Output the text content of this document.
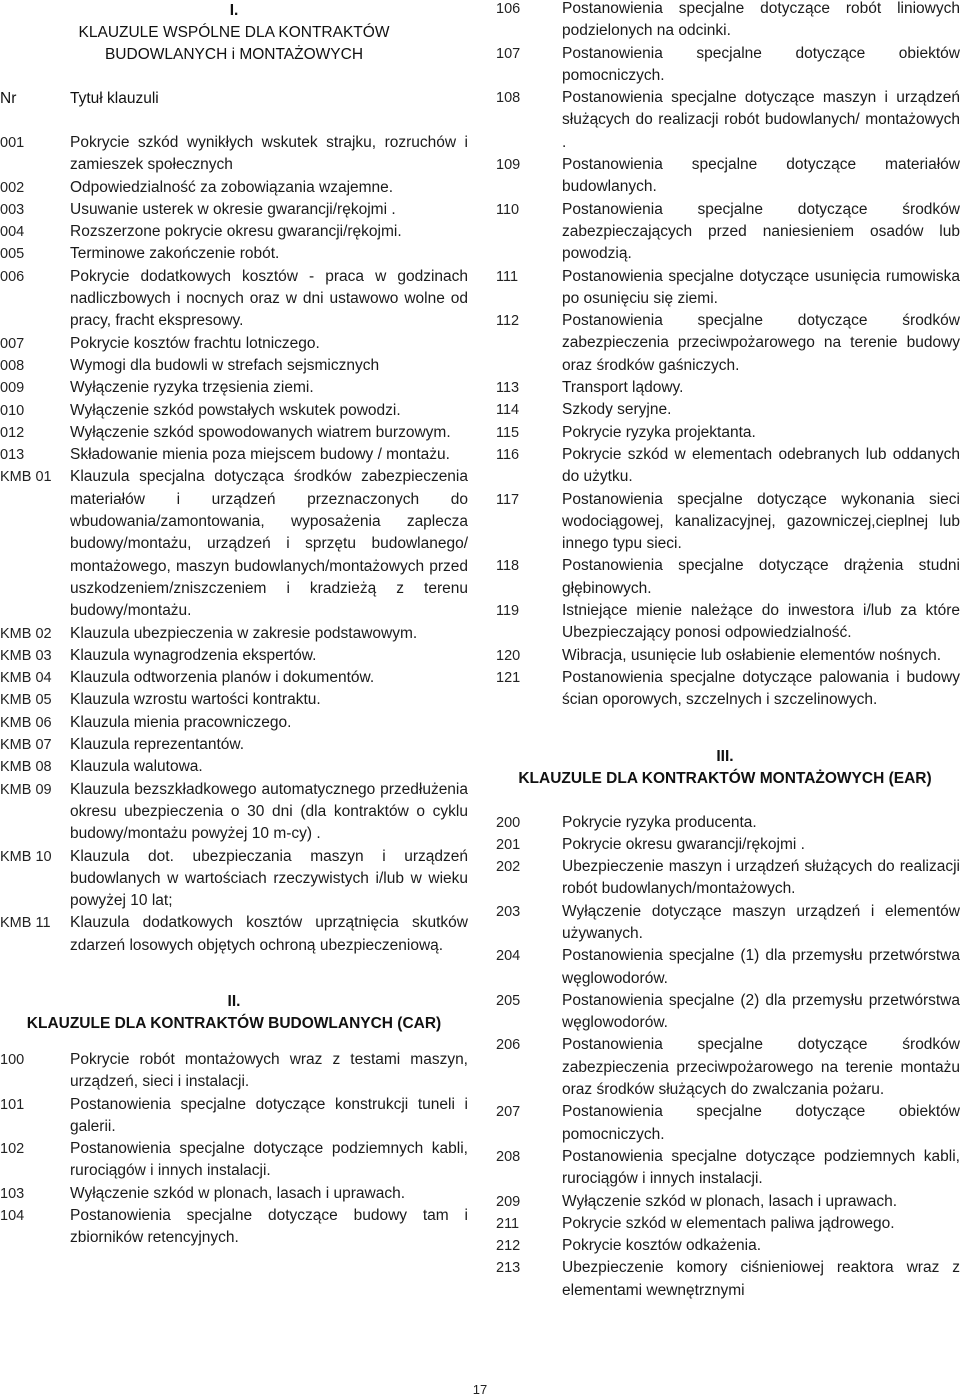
I.
KLAUZULE WSPÓLNE DLA KONTRAKTÓW
BUDOWLANYCH i MONTAŻOWYCH
Nr	Tytuł klauzuli
001	Pokrycie szkód wynikłych wskutek strajku, rozruchów i zamieszek społecznych
002	Odpowiedzialność za zobowiązania wzajemne.
003	Usuwanie usterek w okresie gwarancji/rękojmi .
004	Rozszerzone pokrycie okresu gwarancji/rękojmi.
005	Terminowe zakończenie robót.
006	Pokrycie dodatkowych kosztów - praca w godzinach nadliczbowych i nocnych oraz w dni ustawowo wolne od pracy, fracht ekspresowy.
007	Pokrycie kosztów frachtu lotniczego.
008	Wymogi dla budowli w strefach sejsmicznych
009	Wyłączenie ryzyka trzęsienia ziemi.
010	Wyłączenie szkód powstałych wskutek powodzi.
012	Wyłączenie szkód spowodowanych wiatrem burzowym.
013	Składowanie mienia poza miejscem budowy / montażu.
KMB 01	Klauzula specjalna dotycząca środków zabezpieczenia materiałów i urządzeń przeznaczonych do wbudowania/zamontowania, wyposażenia zaplecza budowy/montażu, urządzeń i sprzętu budowlanego/ montażowego, maszyn budowlanych/montażowych przed uszkodzeniem/zniszczeniem i kradzieżą z terenu budowy/montażu.
KMB 02	Klauzula ubezpieczenia w zakresie podstawowym.
KMB 03	Klauzula wynagrodzenia ekspertów.
KMB 04	Klauzula odtworzenia planów i dokumentów.
KMB 05	Klauzula wzrostu wartości kontraktu.
KMB 06	Klauzula mienia pracowniczego.
KMB 07	Klauzula reprezentantów.
KMB 08	Klauzula walutowa.
KMB 09	Klauzula bezszkładkowego automatycznego przedłużenia okresu ubezpieczenia o 30 dni (dla kontraktów o cyklu budowy/montażu powyżej 10 m-cy) .
KMB 10	Klauzula dot. ubezpieczania maszyn i urządzeń budowlanych w wartościach rzeczywistych i/lub w wieku powyżej 10 lat;
KMB 11	Klauzula dodatkowych kosztów uprzątnięcia skutków zdarzeń losowych objętych ochroną ubezpieczeniową.
II.
KLAUZULE DLA KONTRAKTÓW BUDOWLANYCH (CAR)
100	Pokrycie robót montażowych wraz z testami maszyn, urządzeń, sieci i instalacji.
101	Postanowienia specjalne dotyczące konstrukcji tuneli i galerii.
102	Postanowienia specjalne dotyczące podziemnych kabli, rurociągów i innych instalacji.
103	Wyłączenie szkód w plonach, lasach i uprawach.
104	Postanowienia specjalne dotyczące budowy tam i zbiorników retencyjnych.
106	Postanowienia specjalne dotyczące robót liniowych podzielonych na odcinki.
107	Postanowienia specjalne dotyczące obiektów pomocniczych.
108	Postanowienia specjalne dotyczące maszyn i urządzeń służących do realizacji robót budowlanych/ montażowych .
109	Postanowienia specjalne dotyczące materiałów budowlanych.
110	Postanowienia specjalne dotyczące środków zabezpieczających przed naniesieniem osadów lub powodzią.
111	Postanowienia specjalne dotyczące usunięcia rumowiska po osunięciu się ziemi.
112	Postanowienia specjalne dotyczące środków zabezpieczenia przeciwpożarowego na terenie budowy oraz środków gaśniczych.
113	Transport lądowy.
114	Szkody seryjne.
115	Pokrycie ryzyka projektanta.
116	Pokrycie szkód w elementach odebranych lub oddanych do użytku.
117	Postanowienia specjalne dotyczące wykonania sieci wodociągowej, kanalizacyjnej, gazowniczej,cieplnej lub innego typu sieci.
118	Postanowienia specjalne dotyczące drążenia studni głębinowych.
119	Istniejące mienie należące do inwestora i/lub za które Ubezpieczający ponosi odpowiedzialność.
120	Wibracja, usunięcie lub osłabienie elementów nośnych.
121	Postanowienia specjalne dotyczące palowania i budowy ścian oporowych, szczelnych i szczelinowych.
III.
KLAUZULE DLA KONTRAKTÓW MONTAŻOWYCH (EAR)
200	Pokrycie ryzyka producenta.
201	Pokrycie okresu gwarancji/rękojmi .
202	Ubezpieczenie maszyn i urządzeń służących do realizacji robót budowlanych/montażowych.
203	Wyłączenie dotyczące maszyn urządzeń i elementów używanych.
204	Postanowienia specjalne (1) dla przemysłu przetwórstwa węglowodorów.
205	Postanowienia specjalne (2) dla przemysłu przetwórstwa węglowodorów.
206	Postanowienia specjalne dotyczące środków zabezpieczenia przeciwpożarowego na terenie montażu oraz środków służących do zwalczania pożaru.
207	Postanowienia specjalne dotyczące obiektów pomocniczych.
208	Postanowienia specjalne dotyczące podziemnych kabli, rurociągów i innych instalacji.
209	Wyłączenie szkód w plonach, lasach i uprawach.
211	Pokrycie szkód w elementach paliwa jądrowego.
212	Pokrycie kosztów odkażenia.
213	Ubezpieczenie komory ciśnieniowej reaktora wraz z elementami wewnętrznymi
17
